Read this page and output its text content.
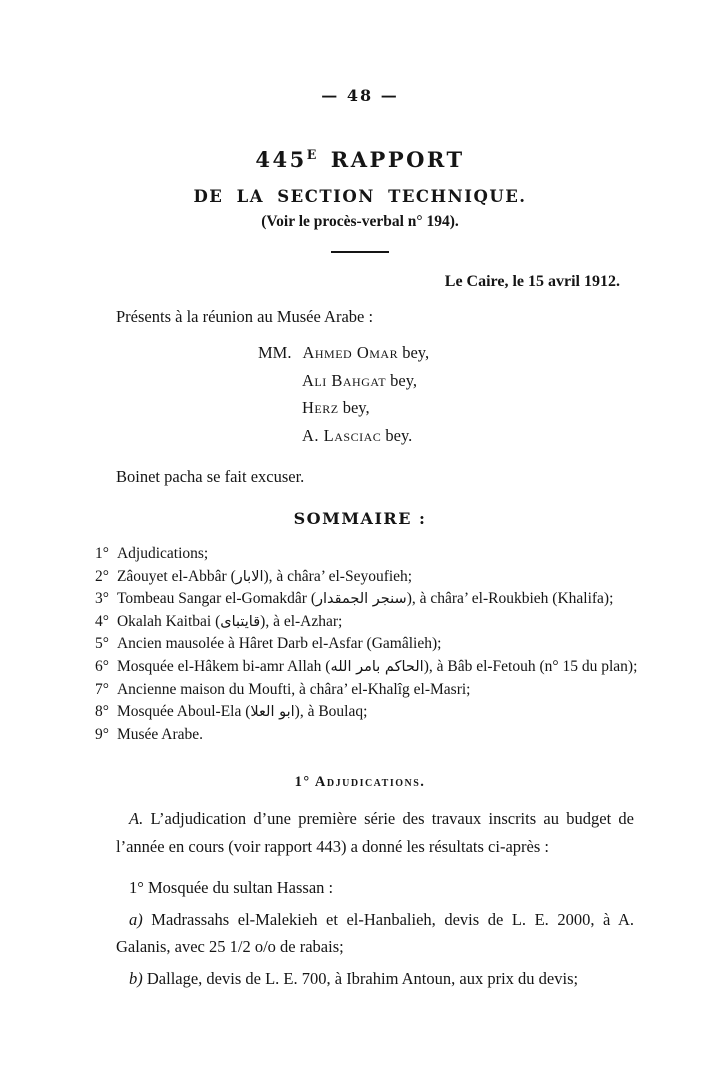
— 48 —
$445^E$ RAPPORT
DE LA SECTION TECHNIQUE.
(Voir le procès-verbal n° 194).
Le Caire, le 15 avril 1912.
Présents à la réunion au Musée Arabe :
MM. Ahmed Omar bey,
Ali Bahgat bey,
Herz bey,
A. Lasciac bey.
Boinet pacha se fait excuser.
SOMMAIRE :
1° Adjudications;
2° Zâouyet el-Abbâr (الابار), à châra’ el-Seyoufieh;
3° Tombeau Sangar el-Gomakdâr (سنجر الجمقدار), à châra’ el-Roukbieh (Khalifa);
4° Okalah Kaitbai (قايتباى), à el-Azhar;
5° Ancien mausolée à Hâret Darb el-Asfar (Gamâlieh);
6° Mosquée el-Hâkem bi-amr Allah (الحاكم بامر الله), à Bâb el-Fetouh (n° 15 du plan);
7° Ancienne maison du Moufti, à châra’ el-Khalîg el-Masri;
8° Mosquée Aboul-Ela (ابو العلا), à Boulaq;
9° Musée Arabe.
1° Adjudications.
A. L’adjudication d’une première série des travaux inscrits au budget de l’année en cours (voir rapport 443) a donné les résultats ci-après :
1° Mosquée du sultan Hassan :
a) Madrassahs el-Malekieh et el-Hanbalieh, devis de L. E. 2000, à A. Galanis, avec 25 1/2 o/o de rabais;
b) Dallage, devis de L. E. 700, à Ibrahim Antoun, aux prix du devis;
